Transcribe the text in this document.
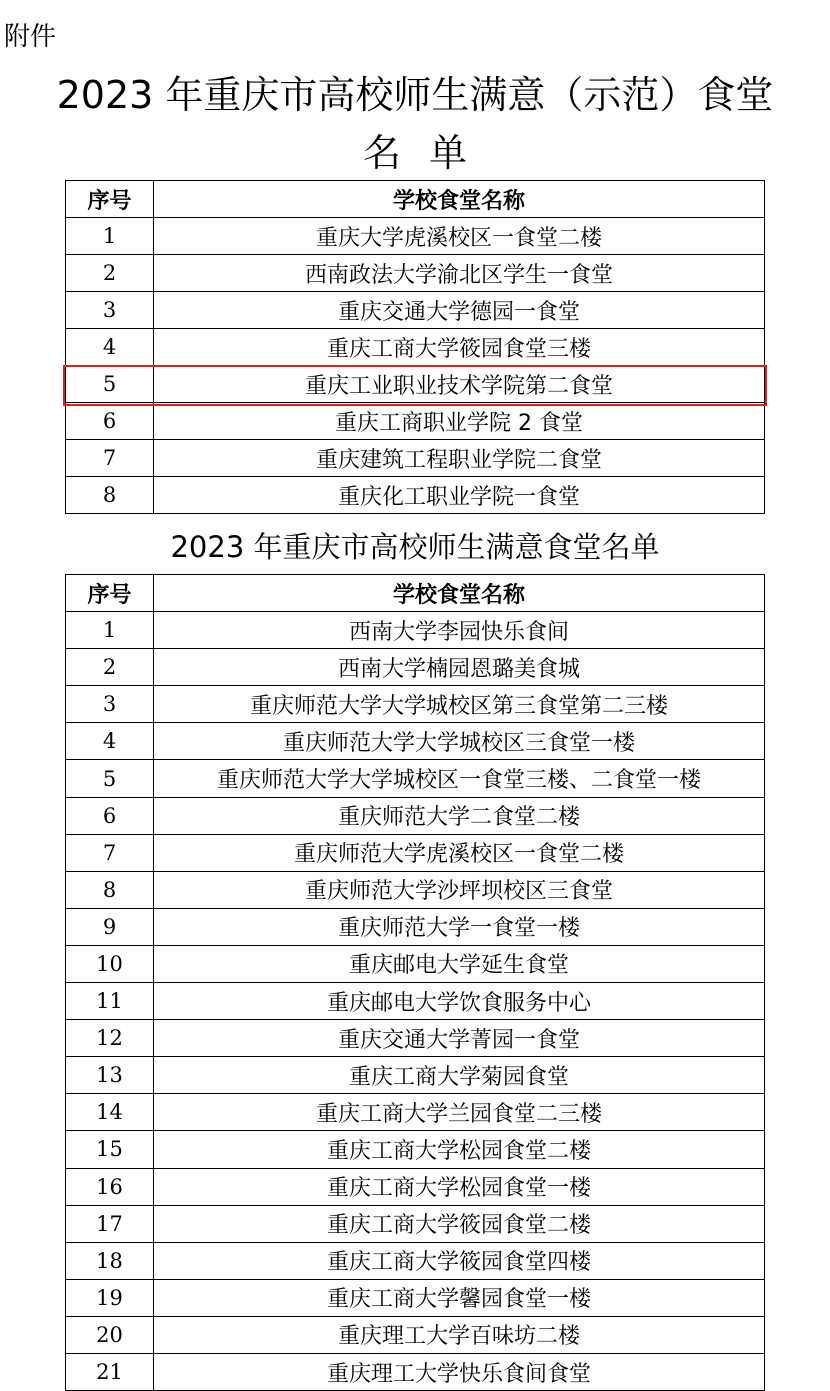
附件
2023 年重庆市高校师生满意（示范）食堂
名单
序号	学校食堂名称
1	重庆大学虎溪校区一食堂二楼
2	西南政法大学渝北区学生一食堂
3	重庆交通大学德园一食堂
4	重庆工商大学筱园食堂三楼
5	重庆工业职业技术学院第二食堂
6	重庆工商职业学院 2 食堂
7	重庆建筑工程职业学院二食堂
8	重庆化工职业学院一食堂
2023 年重庆市高校师生满意食堂名单
序号	学校食堂名称
1	西南大学李园快乐食间
2	西南大学楠园恩璐美食城
3	重庆师范大学大学城校区第三食堂第二三楼
4	重庆师范大学大学城校区三食堂一楼
5	重庆师范大学大学城校区一食堂三楼、二食堂一楼
6	重庆师范大学二食堂二楼
7	重庆师范大学虎溪校区一食堂二楼
8	重庆师范大学沙坪坝校区三食堂
9	重庆师范大学一食堂一楼
10	重庆邮电大学延生食堂
11	重庆邮电大学饮食服务中心
12	重庆交通大学菁园一食堂
13	重庆工商大学菊园食堂
14	重庆工商大学兰园食堂二三楼
15	重庆工商大学松园食堂二楼
16	重庆工商大学松园食堂一楼
17	重庆工商大学筱园食堂二楼
18	重庆工商大学筱园食堂四楼
19	重庆工商大学馨园食堂一楼
20	重庆理工大学百味坊二楼
21	重庆理工大学快乐食间食堂
